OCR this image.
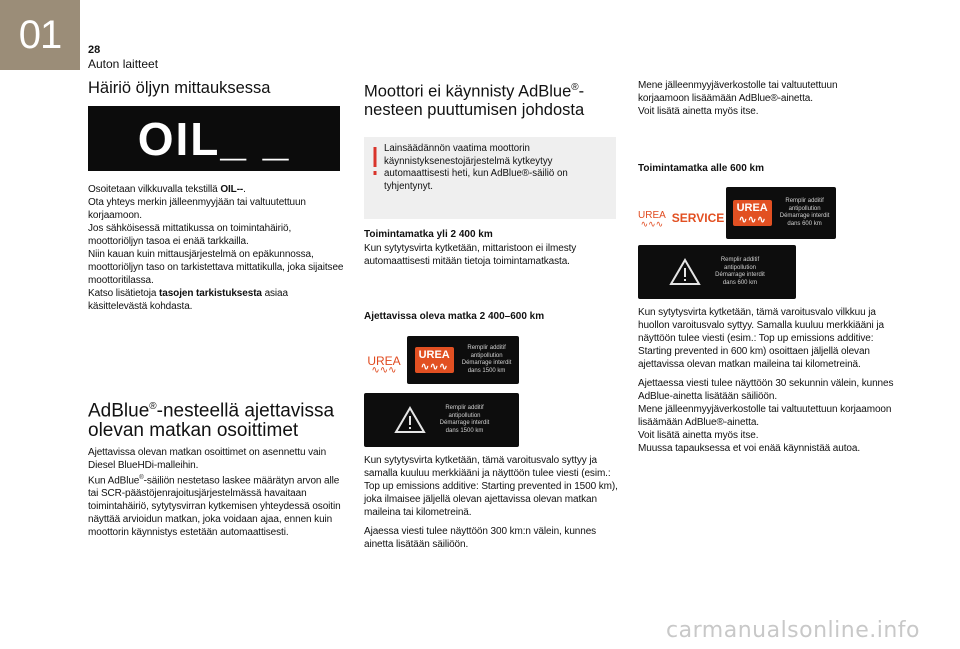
01 28
Auton laitteet
Häiriö öljyn mittauksessa
OIL_ _

Osoitetaan vilkkuvalla tekstillä OIL--.

Ota yhteys merkin jälleenmyyjään tai valtuutettuun korjaamoon.

Jos sähköisessä mittatikussa on toimintahäiriö, moottoriöljyn tasoa ei enää tarkkailla.

Niin kauan kuin mittausjärjestelmä on epäkunnossa, moottoriöljyn taso on tarkistettava mittatikulla, joka sijaitsee moottoritilassa.

Katso lisätietoja tasojen tarkistuksesta asiaa käsittelevästä kohdasta.

AdBlue®-nesteellä ajettavissa
olevan matkan osoittimet

Ajettavissa olevan matkan osoittimet on asennettu vain Diesel BlueHDi-malleihin.

Kun AdBlue®-säiliön nestetaso laskee määrätyn arvon alle tai SCR-päästöjenrajoitusjärjestelmässä havaitaan toimintahäiriö, sytytysvirran kytkemisen yhteydessä osoitin näyttää arvioidun matkan, joka voidaan ajaa, ennen kuin moottorin käynnistys estetään automaattisesti.

Moottori ei käynnisty AdBlue®-
nesteen puuttumisen johdosta
Lainsäädännön vaatima moottorin käynnistyksenestojärjestelmä kytkeytyy automaattisesti heti, kun AdBlue®-säiliö on tyhjentynyt.
Toimintamatka yli 2 400 km
Kun sytytysvirta kytketään, mittaristoon ei ilmesty automaattisesti mitään tietoja toimintamatkasta.
Ajettavissa oleva matka 2 400–600 km
UREA
∿∿∿
UREA
∿∿∿
Remplir additif
antipollution
Démarrage interdit
dans 1500 km
Remplir additif
antipollution
Démarrage interdit
dans 1500 km

Kun sytytysvirta kytketään, tämä varoitusvalo syttyy ja samalla kuuluu merkkiääni ja näyttöön tulee viesti (esim.: Top up emissions additive: Starting prevented in 1500 km), joka ilmaisee jäljellä olevan ajettavissa olevan matkan maileina tai kilometreinä.

Ajaessa viesti tulee näyttöön 300 km:n välein, kunnes ainetta lisätään säiliöön.

Mene jälleenmyyjäverkostolle tai valtuutettuun korjaamoon lisäämään AdBlue®-ainetta.
Voit lisätä ainetta myös itse.
Toimintamatka alle 600 km
UREA
∿∿∿ SERVICE
UREA
∿∿∿
Remplir additif
antipollution
Démarrage interdit
dans 600 km
Remplir additif
antipollution
Démarrage interdit
dans 600 km

Kun sytytysvirta kytketään, tämä varoitusvalo vilkkuu ja huollon varoitusvalo syttyy. Samalla kuuluu merkkiääni ja näyttöön tulee viesti (esim.: Top up emissions additive: Starting prevented in 600 km) osoittaen jäljellä olevan ajettavissa olevan matkan maileina tai kilometreinä.

Ajettaessa viesti tulee näyttöön 30 sekunnin välein, kunnes AdBlue-ainetta lisätään säiliöön.

Mene jälleenmyyjäverkostolle tai valtuutettuun korjaamoon lisäämään AdBlue®-ainetta.

Voit lisätä ainetta myös itse.

Muussa tapauksessa et voi enää käynnistää autoa.

carmanualsonline.info
